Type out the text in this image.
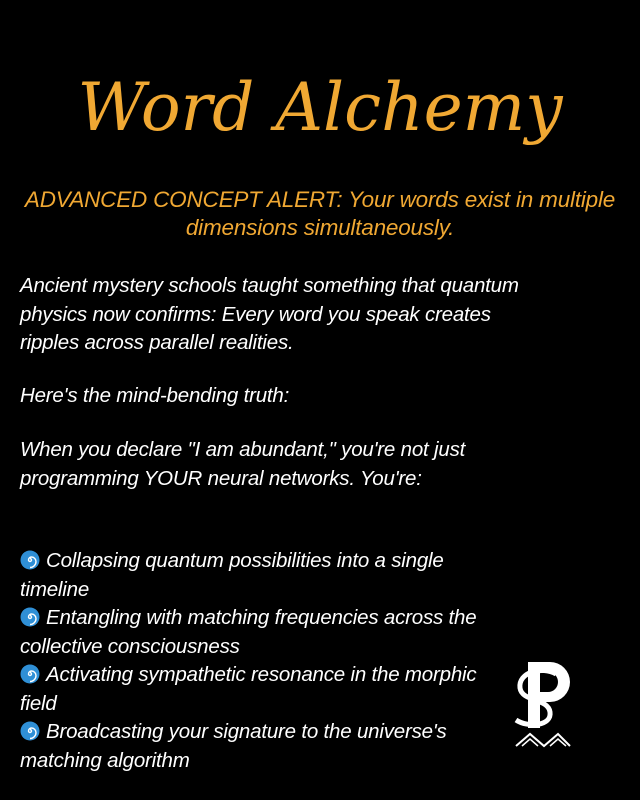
Word Alchemy
ADVANCED CONCEPT ALERT: Your words exist in multiple dimensions simultaneously.
Ancient mystery schools taught something that quantum physics now confirms: Every word you speak creates ripples across parallel realities.
Here's the mind-bending truth:
When you declare "I am abundant," you're not just programming YOUR neural networks. You're:
Collapsing quantum possibilities into a single timeline
Entangling with matching frequencies across the collective consciousness
Activating sympathetic resonance in the morphic field
Broadcasting your signature to the universe's matching algorithm
